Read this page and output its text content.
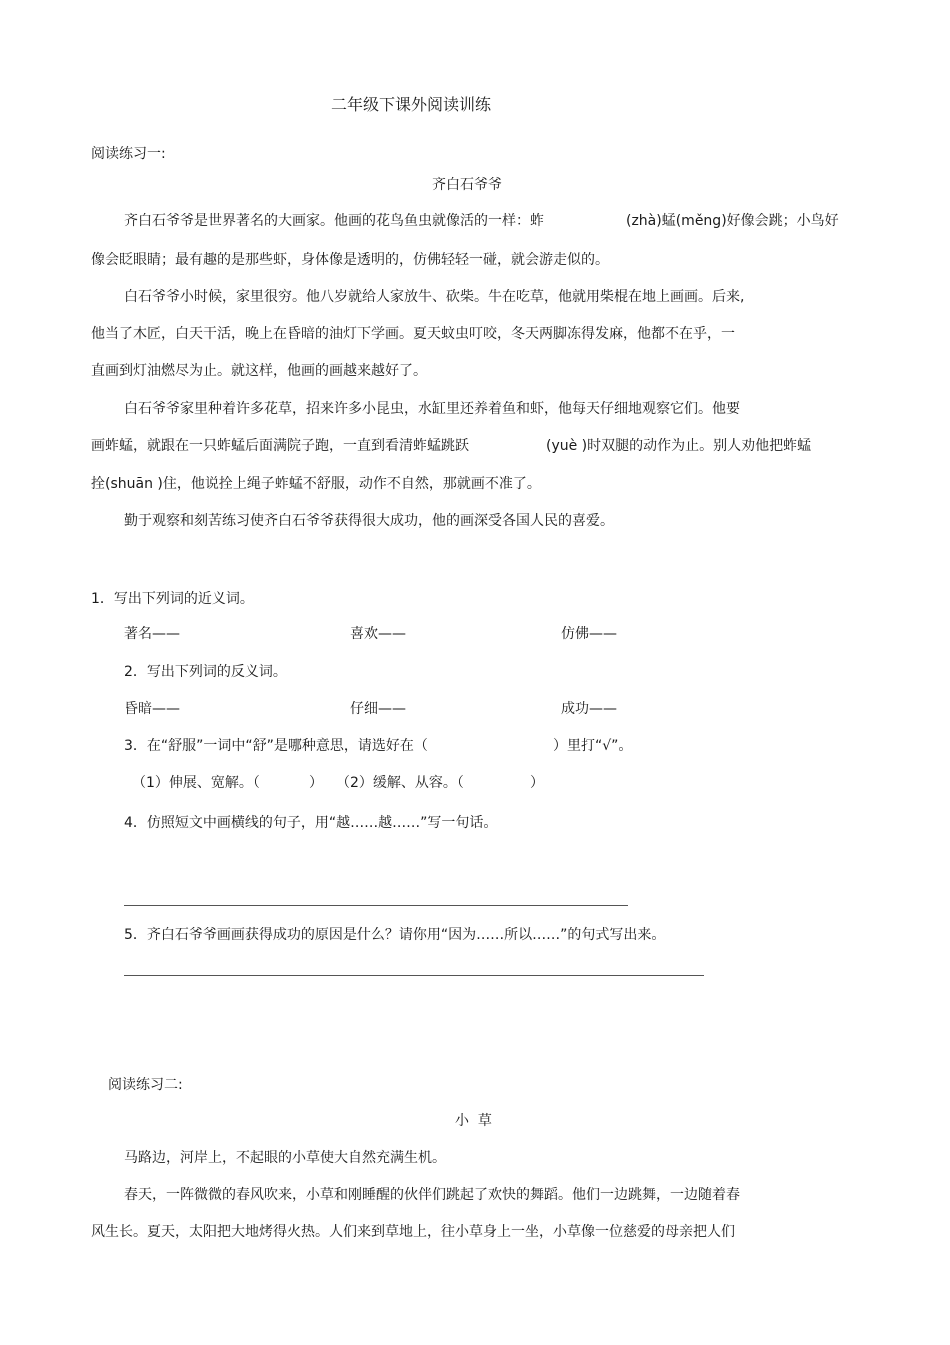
二年级下课外阅读训练
阅读练习一:
齐白石爷爷
齐白石爷爷是世界著名的大画家。他画的花鸟鱼虫就像活的一样：蚱	(zhà)蜢(měng)好像会跳；小鸟好
像会眨眼睛；最有趣的是那些虾，身体像是透明的，仿佛轻轻一碰，就会游走似的。
白石爷爷小时候，家里很穷。他八岁就给人家放牛、砍柴。牛在吃草，他就用柴棍在地上画画。后来,
他当了木匠，白天干活，晚上在昏暗的油灯下学画。夏天蚊虫叮咬，冬天两脚冻得发麻，他都不在乎，一
直画到灯油燃尽为止。就这样，他画的画越来越好了。
白石爷爷家里种着许多花草，招来许多小昆虫，水缸里还养着鱼和虾，他每天仔细地观察它们。他要
画蚱蜢，就跟在一只蚱蜢后面满院子跑，一直到看清蚱蜢跳跃	(yuè )时双腿的动作为止。别人劝他把蚱蜢
拴(shuān )住，他说拴上绳子蚱蜢不舒服，动作不自然，那就画不准了。
勤于观察和刻苦练习使齐白石爷爷获得很大成功，他的画深受各国人民的喜爱。
1．写出下列词的近义词。
著名——	喜欢——	仿佛——
2．写出下列词的反义词。
昏暗——	仔细——	成功——
3．在“舒服”一词中“舒”是哪种意思，请选好在（	）里打“√”。
（1）伸展、宽解。（	） （2）缓解、从容。（	）
4．仿照短文中画横线的句子，用“越……越……”写一句话。
5．齐白石爷爷画画获得成功的原因是什么？请你用“因为……所以……”的句式写出来。
阅读练习二:
小  草
马路边，河岸上，不起眼的小草使大自然充满生机。
春天，一阵微微的春风吹来，小草和刚睡醒的伙伴们跳起了欢快的舞蹈。他们一边跳舞，一边随着春
风生长。夏天，太阳把大地烤得火热。人们来到草地上，往小草身上一坐，小草像一位慈爱的母亲把人们
